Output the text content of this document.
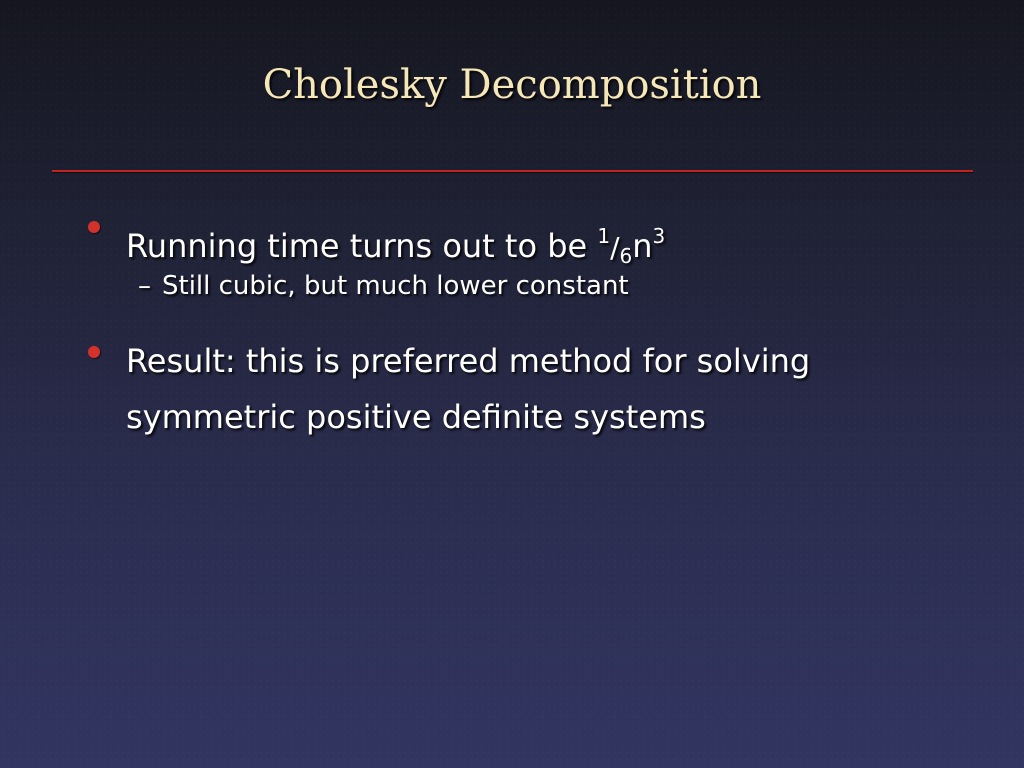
Cholesky Decomposition
Running time turns out to be $^1/6n^3$
– Still cubic, but much lower constant
Result: this is preferred method for solving symmetric positive definite systems
